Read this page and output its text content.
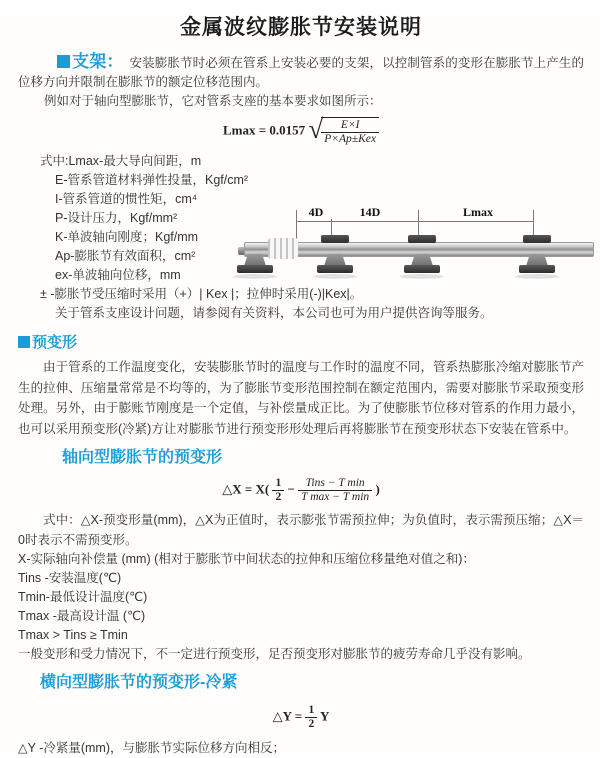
金属波纹膨胀节安装说明

支架： 安装膨胀节时必须在管系上安装必要的支架，以控制管系的变形在膨胀节上产生的位移方向并限制在膨胀节的额定位移范围内。

例如对于轴向型膨胀节，它对管系支座的基本要求如图所示：

Lmax = 0.0157 √
$\frac{E\times I}{\text{P×Ap±Kex}}$

式中:Lmax-最大导向间距，m

E-管系管道材料弹性投量，Kgf/cm²

I-管系管道的惯性矩，cm⁴

P-设计压力，Kgf/mm²

K-单波轴向刚度；Kgf/mm

Ap-膨胀节有效面积，cm²

ex-单波轴向位移，mm

± -膨胀节受压缩时采用（+）| Kex |；拉伸时采用(-)|Kex|。

关于管系支座设计问题，请参阅有关资料，本公司也可为用户提供咨询等服务。

预变形

由于管系的工作温度变化，安装膨胀节时的温度与工作时的温度不同，管系热膨胀冷缩对膨胀节产生的拉伸、压缩量常常是不均等的，为了膨胀节变形范围控制在额定范围内，需要对膨胀节采取预变形处理。另外，由于膨账节刚度是一个定值，与补偿量成正比。为了使膨胀节位移对管系的作用力最小，也可以采用预变形(冷紧)方让对膨胀节进行预变形形处理后再将膨胀节在预变形状态下安装在管系中。

轴向型膨胀节的预变形
△X = $X( \frac{1}{2} - \frac{\text{Tins − T min}}{\text{T max − T min}}$ )

式中：△X-预变形量(mm)，△X为正值时，表示膨张节需预拉伸；为负值时，表示需预压缩；△X＝0时表示不需预变形。

X-实际轴向补偿量 (mm) (相对于膨胀节中间状态的拉伸和压缩位移量绝对值之和)：

Tins -安装温度(℃)

Tmin-最低设计温度(℃)

Tmax -最高设计温 (℃)

Tmax > Tins ≥ Tmin

一般变形和受力情况下，不一定进行预变形，足否预变形对膨胀节的疲劳寿命几乎没有影响。

横向型膨胀节的预变形-冷紧
△Y = $\frac{1}{2}$ Y

△Y -冷紧量(mm)，与膨胀节实际位移方向相反；

4D	14D	Lmax
